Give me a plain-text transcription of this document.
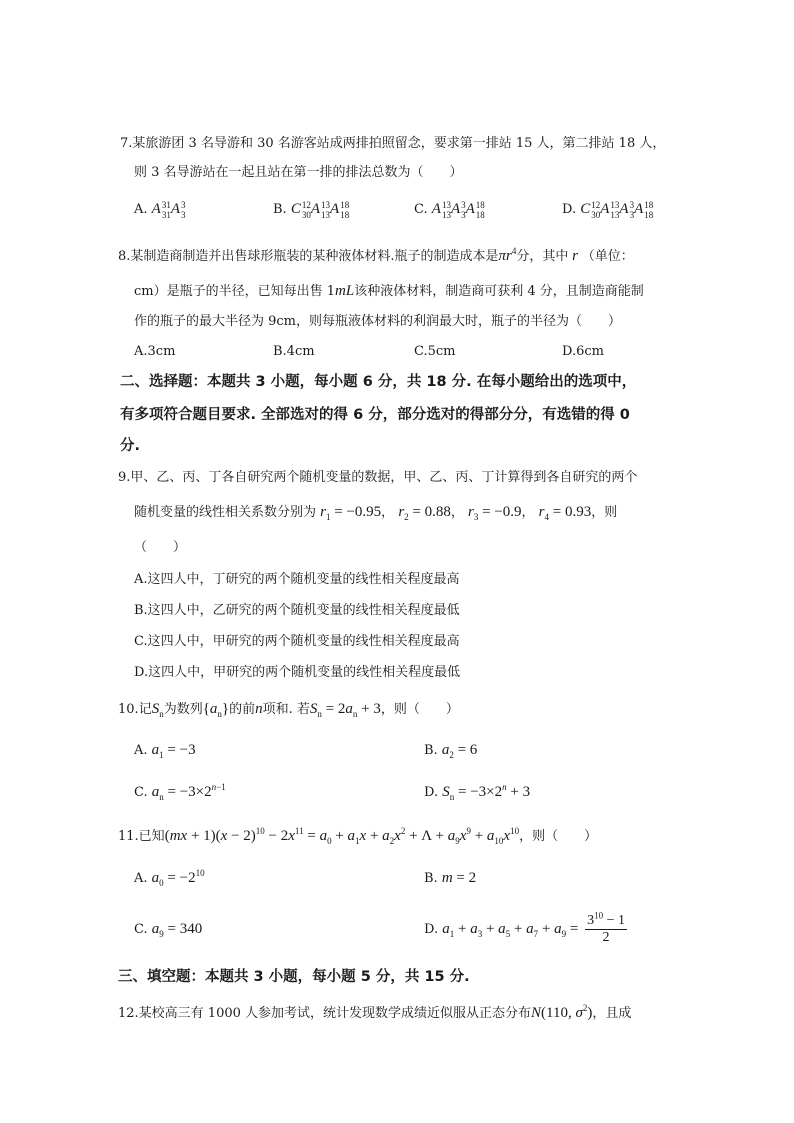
7.某旅游团 3 名导游和 30 名游客站成两排拍照留念，要求第一排站 15 人，第二排站 18 人，
则 3 名导游站在一起且站在第一排的排法总数为（　　）
A. A 31
31 A 3
3	B. C 12
30 A 13
13 A 18
18	C. A 13
13 A 3
3 A 18
18	D. C 12
30 A 13
13 A 3
3 A 18
18
8.某制造商制造并出售球形瓶装的某种液体材料.瓶子的制造成本是$\pi r^4$分，其中 r （单位：
cm）是瓶子的半径，已知每出售 1mL该种液体材料，制造商可获利 4 分，且制造商能制
作的瓶子的最大半径为 9cm，则每瓶液体材料的利润最大时，瓶子的半径为（　　）
A.3cm	B.4cm	C.5cm	D.6cm
二、选择题：本题共 3 小题，每小题 6 分，共 18 分. 在每小题给出的选项中，
有多项符合题目要求. 全部选对的得 6 分，部分选对的得部分分，有选错的得 0
分.
9.甲、乙、丙、丁各自研究两个随机变量的数据，甲、乙、丙、丁计算得到各自研究的两个
随机变量的线性相关系数分别为 $r_1 = -0.95$， $r_2 = 0.88$， $r_3 = -0.9$， $r_4 = 0.93$，则
（　　）
A.这四人中，丁研究的两个随机变量的线性相关程度最高
B.这四人中，乙研究的两个随机变量的线性相关程度最低
C.这四人中，甲研究的两个随机变量的线性相关程度最高
D.这四人中，甲研究的两个随机变量的线性相关程度最低
10.记$S_n$为数列$\{a_n\}$的前n项和. 若$S_n = 2a_n + 3$，则（　　）
A. $a_1 = -3$	B. $a_2 = 6$
C. $a_n = -3\times 2^{n-1}$	D. $S_n = -3\times 2^n + 3$
11.已知$(mx + 1)(x - 2)^{10} - 2x^{11} = a_0 + a_1x + a_2x^2 + \Lambda + a_9x^9 + a_{10}x^{10}$，则（　　）
A. $a_0 = -2^{10}$	B. m = 2
C. $a_9 = 340$	D. $a_1 + a_3 + a_5 + a_7 + a_9 = \frac{3^{10} - 1}{2}$
三、填空题：本题共 3 小题，每小题 5 分，共 15 分.
12.某校高三有 1000 人参加考试，统计发现数学成绩近似服从正态分布N(110, $\sigma^2$)，且成
